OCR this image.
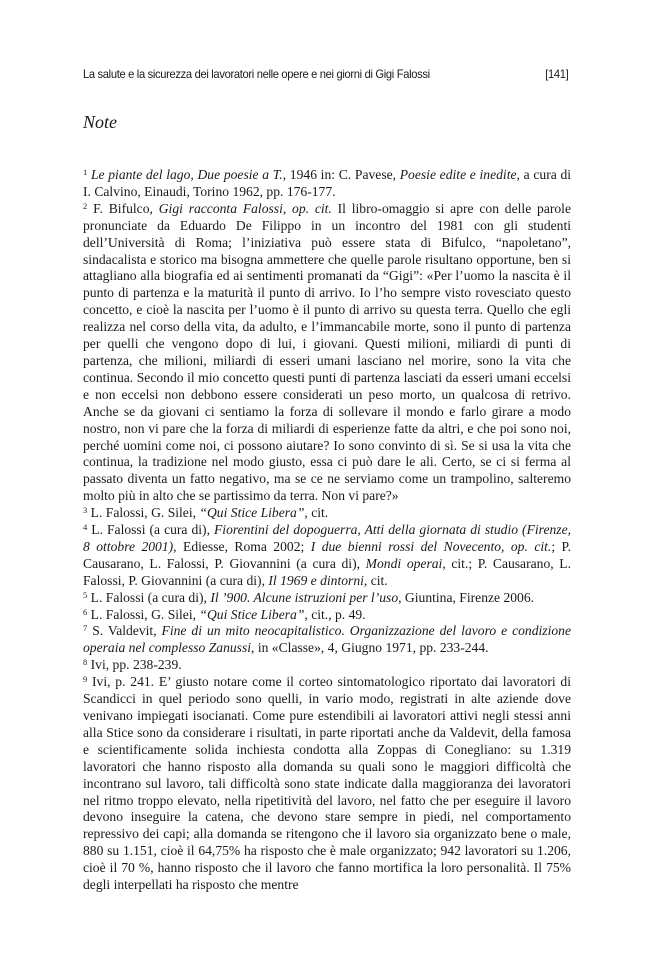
La salute e la sicurezza dei lavoratori nelle opere e nei giorni di Gigi Falossi	[141]
Note

$^1$ Le piante del lago, Due poesie a T., 1946 in: C. Pavese, Poesie edite e inedite, a cura di I. Calvino, Einaudi, Torino 1962, pp. 176-177.

$^2$ F. Bifulco, Gigi racconta Falossi, op. cit. Il libro-omaggio si apre con delle parole pronunciate da Eduardo De Filippo in un incontro del 1981 con gli studenti dell’Università di Roma; l’iniziativa può essere stata di Bifulco, “napoletano”, sindacalista e storico ma bisogna ammettere che quelle parole risultano opportune, ben si attagliano alla biografia ed ai sentimenti promanati da “Gigi”: «Per l’uomo la nascita è il punto di partenza e la maturità il punto di arrivo. Io l’ho sempre visto rovesciato questo concetto, e cioè la nascita per l’uomo è il punto di arrivo su questa terra. Quello che egli realizza nel corso della vita, da adulto, e l’immancabile morte, sono il punto di partenza per quelli che vengono dopo di lui, i giovani. Questi milioni, miliardi di punti di partenza, che milioni, miliardi di esseri umani lasciano nel morire, sono la vita che continua. Secondo il mio concetto questi punti di partenza lasciati da esseri umani eccelsi e non eccelsi non debbono essere considerati un peso morto, un qualcosa di retrivo. Anche se da giovani ci sentiamo la forza di sollevare il mondo e farlo girare a modo nostro, non vi pare che la forza di miliardi di esperienze fatte da altri, e che poi sono noi, perché uomini come noi, ci possono aiutare? Io sono convinto di sì. Se si usa la vita che continua, la tradizione nel modo giusto, essa ci può dare le ali. Certo, se ci si ferma al passato diventa un fatto negativo, ma se ce ne serviamo come un trampolino, salteremo molto più in alto che se partissimo da terra. Non vi pare?»

$^3$ L. Falossi, G. Silei, “Qui Stice Libera”, cit.

$^4$ L. Falossi (a cura di), Fiorentini del dopoguerra, Atti della giornata di studio (Firenze, 8 ottobre 2001), Ediesse, Roma 2002; I due bienni rossi del Novecento, op. cit.; P. Causarano, L. Falossi, P. Giovannini (a cura di), Mondi operai, cit.; P. Causarano, L. Falossi, P. Giovannini (a cura di), Il 1969 e dintorni, cit.

$^5$ L. Falossi (a cura di), Il ’900. Alcune istruzioni per l’uso, Giuntina, Firenze 2006.

$^6$ L. Falossi, G. Silei, “Qui Stice Libera”, cit., p. 49.

$^7$ S. Valdevit, Fine di un mito neocapitalistico. Organizzazione del lavoro e condizione operaia nel complesso Zanussi, in «Classe», 4, Giugno 1971, pp. 233-244.

$^8$ Ivi, pp. 238-239.

$^9$ Ivi, p. 241. E’ giusto notare come il corteo sintomatologico riportato dai lavoratori di Scandicci in quel periodo sono quelli, in vario modo, registrati in alte aziende dove venivano impiegati isocianati. Come pure estendibili ai lavoratori attivi negli stessi anni alla Stice sono da considerare i risultati, in parte riportati anche da Valdevit, della famosa e scientificamente solida inchiesta condotta alla Zoppas di Conegliano: su 1.319 lavoratori che hanno risposto alla domanda su quali sono le maggiori difficoltà che incontrano sul lavoro, tali difficoltà sono state indicate dalla maggioranza dei lavoratori nel ritmo troppo elevato, nella ripetitività del lavoro, nel fatto che per eseguire il lavoro devono inseguire la catena, che devono stare sempre in piedi, nel comportamento repressivo dei capi; alla domanda se ritengono che il lavoro sia organizzato bene o male, 880 su 1.151, cioè il 64,75% ha risposto che è male organizzato; 942 lavoratori su 1.206, cioè il 70 %, hanno risposto che il lavoro che fanno mortifica la loro personalità. Il 75% degli interpellati ha risposto che mentre
